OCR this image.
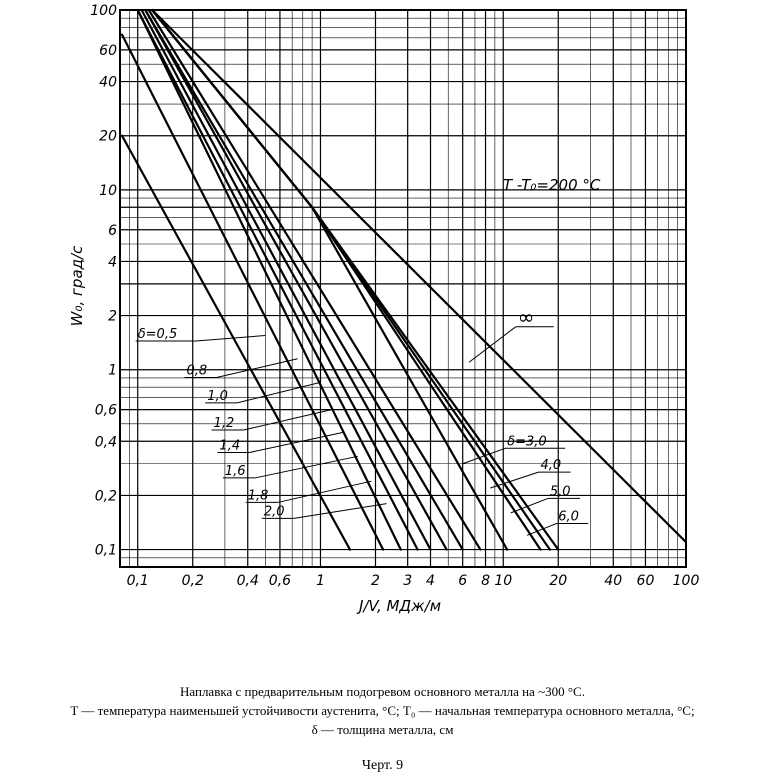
0,1 0,2 0,4 0,6 1	2 3 4 6 8 10	20	40 60 100
0,1
0,2
0,4
0,6
1
2
4
6
10
20
40
60
100
δ=0,5
0,8
1,0
1,2
1,4
1,6
1,8
2,0
δ=3,0
4,0
5,0
6,0
∞
T -T₀=200 °C
J/V, МДж/м
W₀, град/с
Наплавка с предварительным подогревом основного металла на ~300 °С.
T — температура наименьшей устойчивости аустенита, °С; T₀ — начальная температура основного металла, °С;
δ — толщина металла, см
Черт. 9
